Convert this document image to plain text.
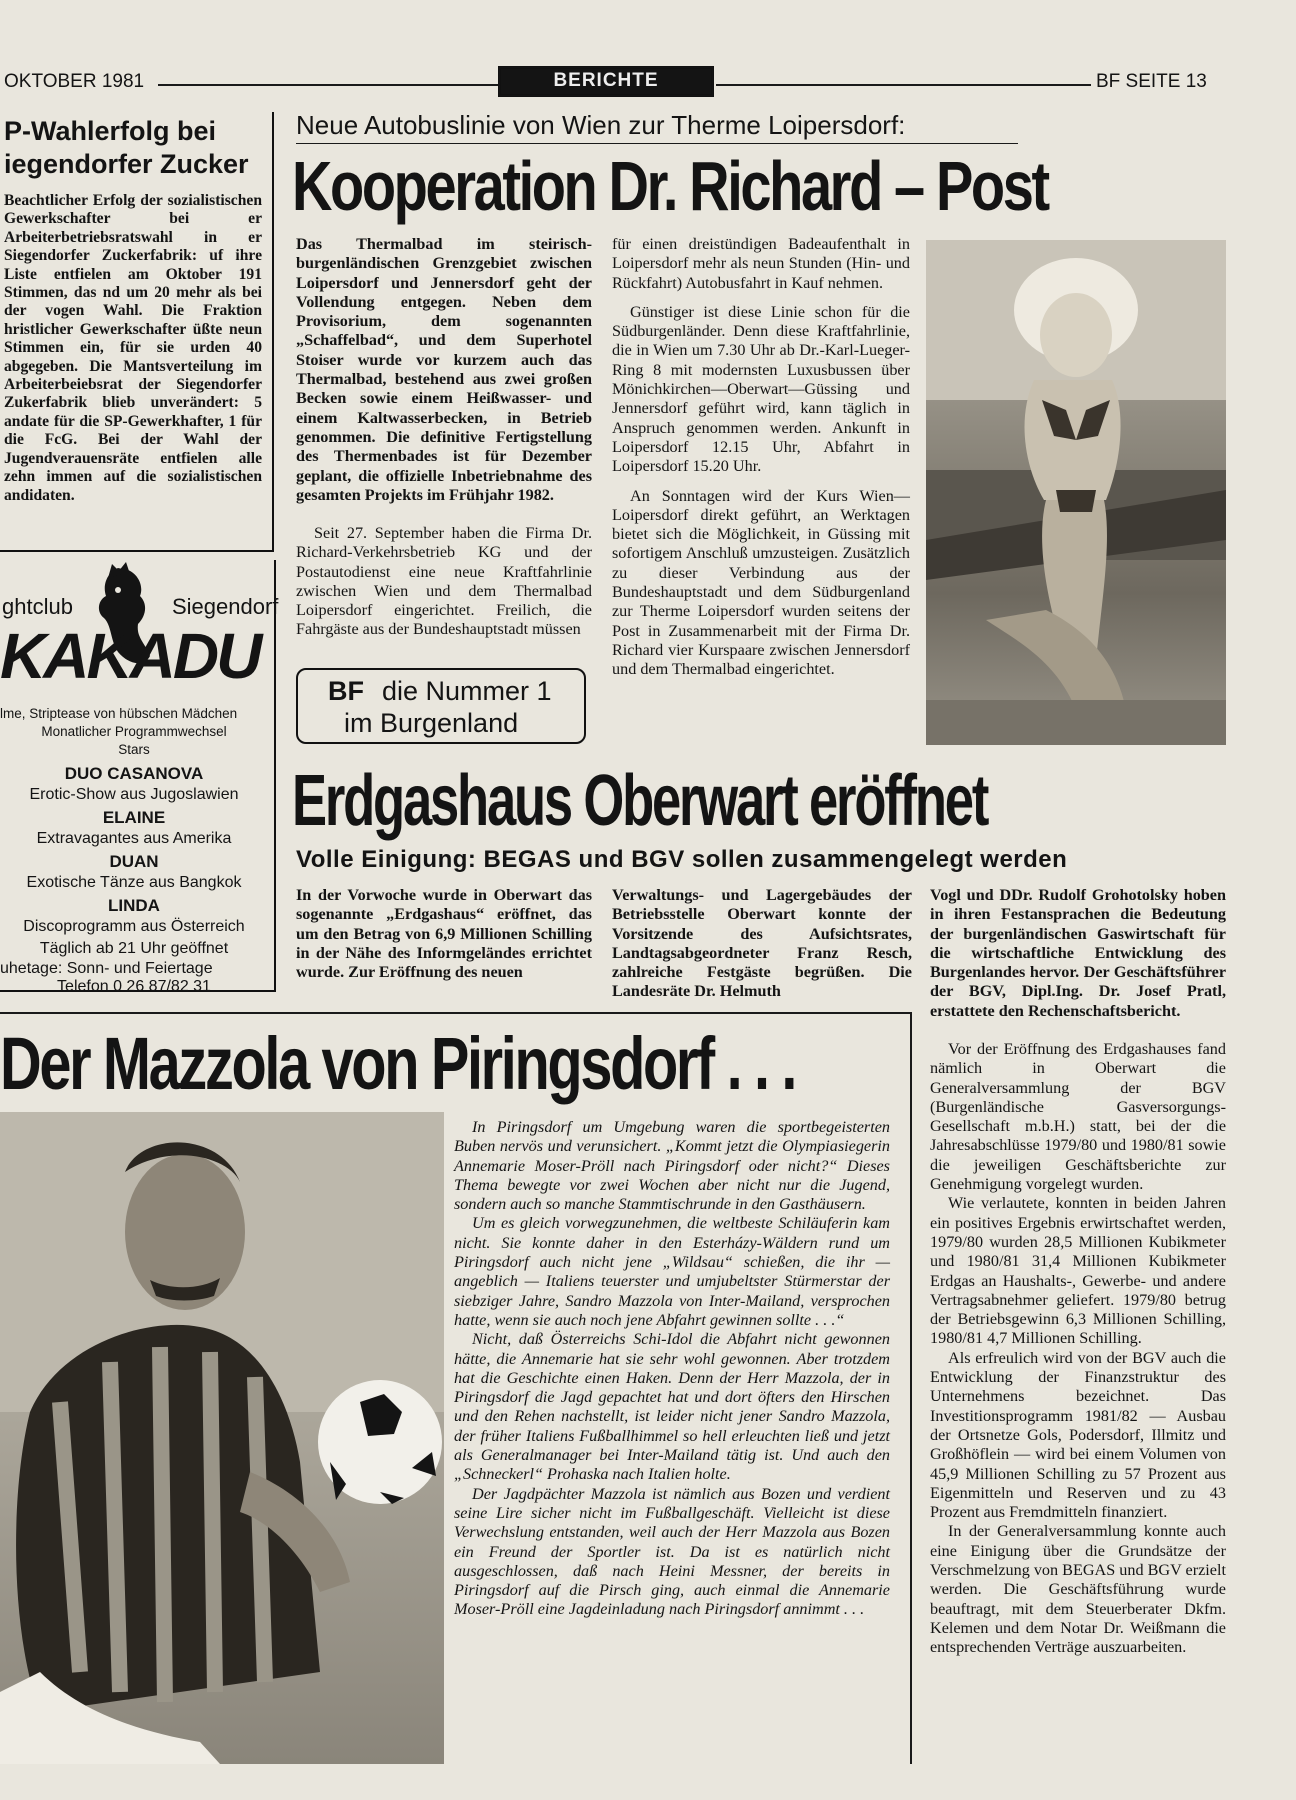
OKTOBER 1981	BERICHTE	BF SEITE 13
P-Wahlerfolg bei
iegendorfer Zucker
Beachtlicher Erfolg der sozialistischen Gewerkschafter bei er Arbeiterbetriebsratswahl in er Siegendorfer Zuckerfabrik: uf ihre Liste entfielen am Oktober 191 Stimmen, das nd um 20 mehr als bei der vogen Wahl. Die Fraktion hristlicher Gewerkschafter üßte neun Stimmen ein, für sie urden 40 abgegeben. Die Mantsverteilung im Arbeiterbeiebsrat der Siegendorfer Zukerfabrik blieb unverändert: 5 andate für die SP-Gewerkhafter, 1 für die FcG. Bei der Wahl der Jugendverauensräte entfielen alle zehn immen auf die sozialistischen andidaten.
ghtclub	Siegendorf
KAKADU
lme, Striptease von hübschen Mädchen
Monatlicher Programmwechsel
Stars
DUO CASANOVA
Erotic-Show aus Jugoslawien
ELAINE
Extravagantes aus Amerika
DUAN
Exotische Tänze aus Bangkok
LINDA
Discoprogramm aus Österreich
Täglich ab 21 Uhr geöffnet
uhetage: Sonn- und Feiertage
Telefon 0 26 87/82 31
Neue Autobuslinie von Wien zur Therme Loipersdorf:
Kooperation Dr. Richard – Post

Das Thermalbad im steirisch-burgenländischen Grenzgebiet zwischen Loipersdorf und Jennersdorf geht der Vollendung entgegen. Neben dem Provisorium, dem sogenannten „Schaffelbad“, und dem Superhotel Stoiser wurde vor kurzem auch das Thermalbad, bestehend aus zwei großen Becken sowie einem Heißwasser- und einem Kaltwasserbecken, in Betrieb genommen. Die definitive Fertigstellung des Thermenbades ist für Dezember geplant, die offizielle Inbetriebnahme des gesamten Projekts im Frühjahr 1982.

Seit 27. September haben die Firma Dr. Richard-Verkehrsbetrieb KG und der Postautodienst eine neue Kraftfahrlinie zwischen Wien und dem Thermalbad Loipersdorf eingerichtet. Freilich, die Fahrgäste aus der Bundeshauptstadt müssen

BF die Nummer 1
im Burgenland

für einen dreistündigen Badeaufenthalt in Loipersdorf mehr als neun Stunden (Hin- und Rückfahrt) Autobusfahrt in Kauf nehmen.

Günstiger ist diese Linie schon für die Südburgenländer. Denn diese Kraftfahrlinie, die in Wien um 7.30 Uhr ab Dr.-Karl-Lueger-Ring 8 mit modernsten Luxusbussen über Mönichkirchen—Oberwart—Güssing und Jennersdorf geführt wird, kann täglich in Anspruch genommen werden. Ankunft in Loipersdorf 12.15 Uhr, Abfahrt in Loipersdorf 15.20 Uhr.

An Sonntagen wird der Kurs Wien—Loipersdorf direkt geführt, an Werktagen bietet sich die Möglichkeit, in Güssing mit sofortigem Anschluß umzusteigen. Zusätzlich zu dieser Verbindung aus der Bundeshauptstadt und dem Südburgenland zur Therme Loipersdorf wurden seitens der Post in Zusammenarbeit mit der Firma Dr. Richard vier Kurspaare zwischen Jennersdorf und dem Thermalbad eingerichtet.

Erdgashaus Oberwart eröffnet
Volle Einigung: BEGAS und BGV sollen zusammengelegt werden
In der Vorwoche wurde in Oberwart das sogenannte „Erdgashaus“ eröffnet, das um den Betrag von 6,9 Millionen Schilling in der Nähe des Informgeländes errichtet wurde. Zur Eröffnung des neuen
Verwaltungs- und Lagergebäudes der Betriebsstelle Oberwart konnte der Vorsitzende des Aufsichtsrates, Landtagsabgeordneter Franz Resch, zahlreiche Festgäste begrüßen. Die Landesräte Dr. Helmuth
Vogl und DDr. Rudolf Grohotolsky hoben in ihren Festansprachen die Bedeutung der burgenländischen Gaswirtschaft für die wirtschaftliche Entwicklung des Burgenlandes hervor. Der Geschäftsführer der BGV, Dipl.Ing. Dr. Josef Pratl, erstattete den Rechenschaftsbericht.

Vor der Eröffnung des Erdgashauses fand nämlich in Oberwart die Generalversammlung der BGV (Burgenländische Gasversorgungs-Gesellschaft m.b.H.) statt, bei der die Jahresabschlüsse 1979/80 und 1980/81 sowie die jeweiligen Geschäftsberichte zur Genehmigung vorgelegt wurden.

Wie verlautete, konnten in beiden Jahren ein positives Ergebnis erwirtschaftet werden, 1979/80 wurden 28,5 Millionen Kubikmeter und 1980/81 31,4 Millionen Kubikmeter Erdgas an Haushalts-, Gewerbe- und andere Vertragsabnehmer geliefert. 1979/80 betrug der Betriebsgewinn 6,3 Millionen Schilling, 1980/81 4,7 Millionen Schilling.

Als erfreulich wird von der BGV auch die Entwicklung der Finanzstruktur des Unternehmens bezeichnet. Das Investitionsprogramm 1981/82 — Ausbau der Ortsnetze Gols, Podersdorf, Illmitz und Großhöflein — wird bei einem Volumen von 45,9 Millionen Schilling zu 57 Prozent aus Eigenmitteln und Reserven und zu 43 Prozent aus Fremdmitteln finanziert.

In der Generalversammlung konnte auch eine Einigung über die Grundsätze der Verschmelzung von BEGAS und BGV erzielt werden. Die Geschäftsführung wurde beauftragt, mit dem Steuerberater Dkfm. Kelemen und dem Notar Dr. Weißmann die entsprechenden Verträge auszuarbeiten.

Der Mazzola von Piringsdorf . . .

In Piringsdorf um Umgebung waren die sportbegeisterten Buben nervös und verunsichert. „Kommt jetzt die Olympiasiegerin Annemarie Moser-Pröll nach Piringsdorf oder nicht?“ Dieses Thema bewegte vor zwei Wochen aber nicht nur die Jugend, sondern auch so manche Stammtischrunde in den Gasthäusern.

Um es gleich vorwegzunehmen, die weltbeste Schiläuferin kam nicht. Sie konnte daher in den Esterházy-Wäldern rund um Piringsdorf auch nicht jene „Wildsau“ schießen, die ihr — angeblich — Italiens teuerster und umjubeltster Stürmerstar der siebziger Jahre, Sandro Mazzola von Inter-Mailand, versprochen hatte, wenn sie auch noch jene Abfahrt gewinnen sollte . . .“

Nicht, daß Österreichs Schi-Idol die Abfahrt nicht gewonnen hätte, die Annemarie hat sie sehr wohl gewonnen. Aber trotzdem hat die Geschichte einen Haken. Denn der Herr Mazzola, der in Piringsdorf die Jagd gepachtet hat und dort öfters den Hirschen und den Rehen nachstellt, ist leider nicht jener Sandro Mazzola, der früher Italiens Fußballhimmel so hell erleuchten ließ und jetzt als Generalmanager bei Inter-Mailand tätig ist. Und auch den „Schneckerl“ Prohaska nach Italien holte.

Der Jagdpächter Mazzola ist nämlich aus Bozen und verdient seine Lire sicher nicht im Fußballgeschäft. Vielleicht ist diese Verwechslung entstanden, weil auch der Herr Mazzola aus Bozen ein Freund der Sportler ist. Da ist es natürlich nicht ausgeschlossen, daß nach Heini Messner, der bereits in Piringsdorf auf die Pirsch ging, auch einmal die Annemarie Moser-Pröll eine Jagdeinladung nach Piringsdorf annimmt . . .
